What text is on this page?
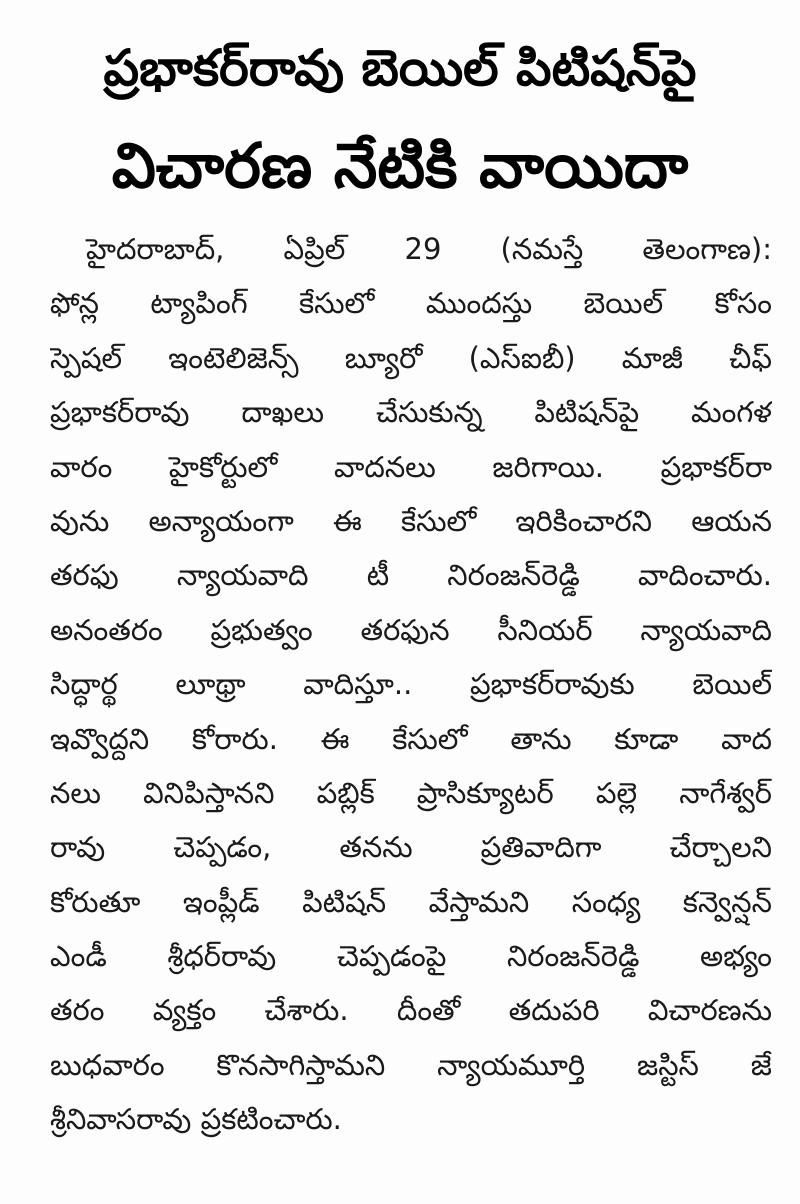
ప్రభాకర్‌రావు బెయిల్‌ పిటిషన్‌పై
విచారణ నేటికి వాయిదా
హైదరాబాద్‌, ఏప్రిల్‌ 29 (నమస్తే తెలంగాణ):
ఫోన్ల ట్యాపింగ్‌ కేసులో ముందస్తు బెయిల్‌ కోసం
స్పెషల్‌ ఇంటెలిజెన్స్‌ బ్యూరో (ఎస్‌ఐబీ) మాజీ చీఫ్‌
ప్రభాకర్‌రావు దాఖలు చేసుకున్న పిటిషన్‌పై మంగళ
వారం హైకోర్టులో వాదనలు జరిగాయి. ప్రభాకర్‌రా
వును అన్యాయంగా ఈ కేసులో ఇరికించారని ఆయన
తరఫు న్యాయవాది టీ నిరంజన్‌రెడ్డి వాదించారు.
అనంతరం ప్రభుత్వం తరఫున సీనియర్‌ న్యాయవాది
సిద్ధార్థ లూథ్రా వాదిస్తూ.. ప్రభాకర్‌రావుకు బెయిల్‌
ఇవ్వొద్దని కోరారు. ఈ కేసులో తాను కూడా వాద
నలు వినిపిస్తానని పబ్లిక్‌ ప్రాసిక్యూటర్‌ పల్లె నాగేశ్వర్‌
రావు చెప్పడం, తనను ప్రతివాదిగా చేర్చాలని
కోరుతూ ఇంప్లీడ్‌ పిటిషన్‌ వేస్తామని సంధ్య కన్వెన్షన్‌
ఎండీ శ్రీధర్‌రావు చెప్పడంపై నిరంజన్‌రెడ్డి అభ్యం
తరం వ్యక్తం చేశారు. దీంతో తదుపరి విచారణను
బుధవారం కొనసాగిస్తామని న్యాయమూర్తి జస్టిస్‌ జే
శ్రీనివాసరావు ప్రకటించారు.
